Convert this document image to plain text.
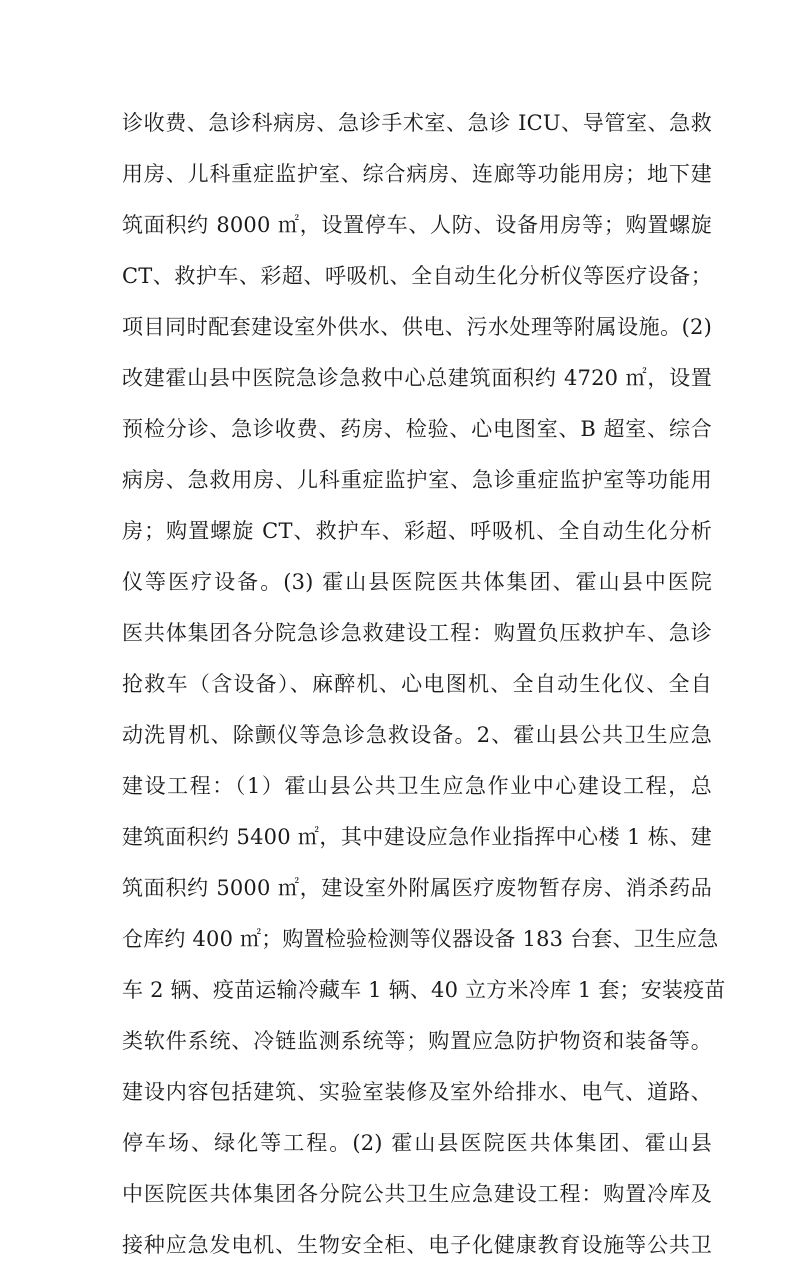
诊收费、急诊科病房、急诊手术室、急诊 ICU、导管室、急救
用房、儿科重症监护室、综合病房、连廊等功能用房；地下建
筑面积约 8000 ㎡，设置停车、人防、设备用房等；购置螺旋
CT、救护车、彩超、呼吸机、全自动生化分析仪等医疗设备；
项目同时配套建设室外供水、供电、污水处理等附属设施。(2)
改建霍山县中医院急诊急救中心总建筑面积约 4720 ㎡，设置
预检分诊、急诊收费、药房、检验、心电图室、B 超室、综合
病房、急救用房、儿科重症监护室、急诊重症监护室等功能用
房；购置螺旋 CT、救护车、彩超、呼吸机、全自动生化分析
仪等医疗设备。(3) 霍山县医院医共体集团、霍山县中医院
医共体集团各分院急诊急救建设工程：购置负压救护车、急诊
抢救车（含设备）、麻醉机、心电图机、全自动生化仪、全自
动洗胃机、除颤仪等急诊急救设备。2、霍山县公共卫生应急
建设工程：（1）霍山县公共卫生应急作业中心建设工程，总
建筑面积约 5400 ㎡，其中建设应急作业指挥中心楼 1 栋、建
筑面积约 5000 ㎡，建设室外附属医疗废物暂存房、消杀药品
仓库约 400 ㎡；购置检验检测等仪器设备 183 台套、卫生应急
车 2 辆、疫苗运输冷藏车 1 辆、40 立方米冷库 1 套；安装疫苗
类软件系统、冷链监测系统等；购置应急防护物资和装备等。
建设内容包括建筑、实验室装修及室外给排水、电气、道路、
停车场、绿化等工程。(2) 霍山县医院医共体集团、霍山县
中医院医共体集团各分院公共卫生应急建设工程：购置冷库及
接种应急发电机、生物安全柜、电子化健康教育设施等公共卫
